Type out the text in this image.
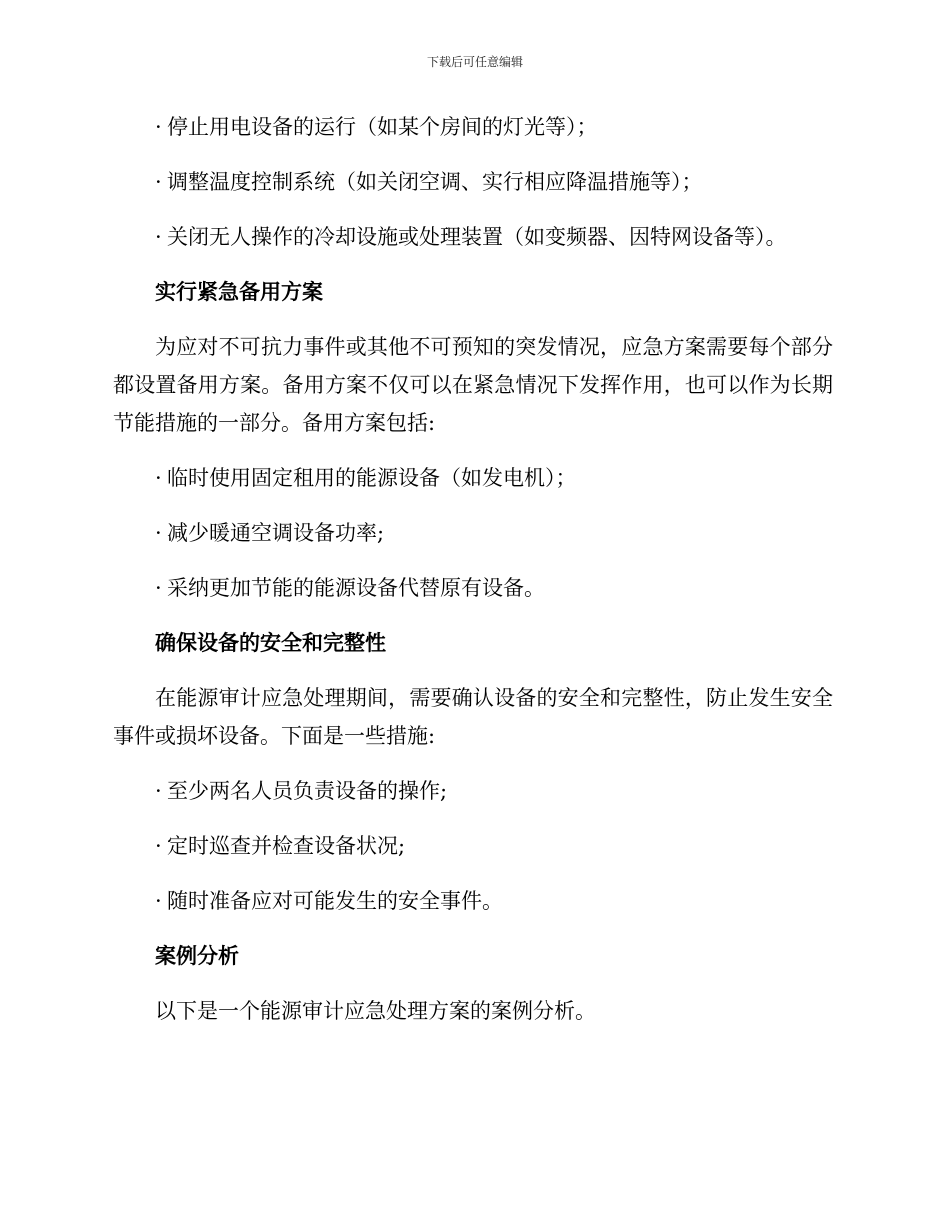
下载后可任意编辑

· 停止用电设备的运行（如某个房间的灯光等）；

· 调整温度控制系统（如关闭空调、实行相应降温措施等）；

· 关闭无人操作的冷却设施或处理装置（如变频器、因特网设备等）。

实行紧急备用方案

为应对不可抗力事件或其他不可预知的突发情况，应急方案需要每个部分都设置备用方案。备用方案不仅可以在紧急情况下发挥作用，也可以作为长期节能措施的一部分。备用方案包括:

· 临时使用固定租用的能源设备（如发电机）；

· 减少暖通空调设备功率;

· 采纳更加节能的能源设备代替原有设备。

确保设备的安全和完整性

在能源审计应急处理期间，需要确认设备的安全和完整性，防止发生安全事件或损坏设备。下面是一些措施:

· 至少两名人员负责设备的操作;

· 定时巡查并检查设备状况;

· 随时准备应对可能发生的安全事件。

案例分析

以下是一个能源审计应急处理方案的案例分析。
